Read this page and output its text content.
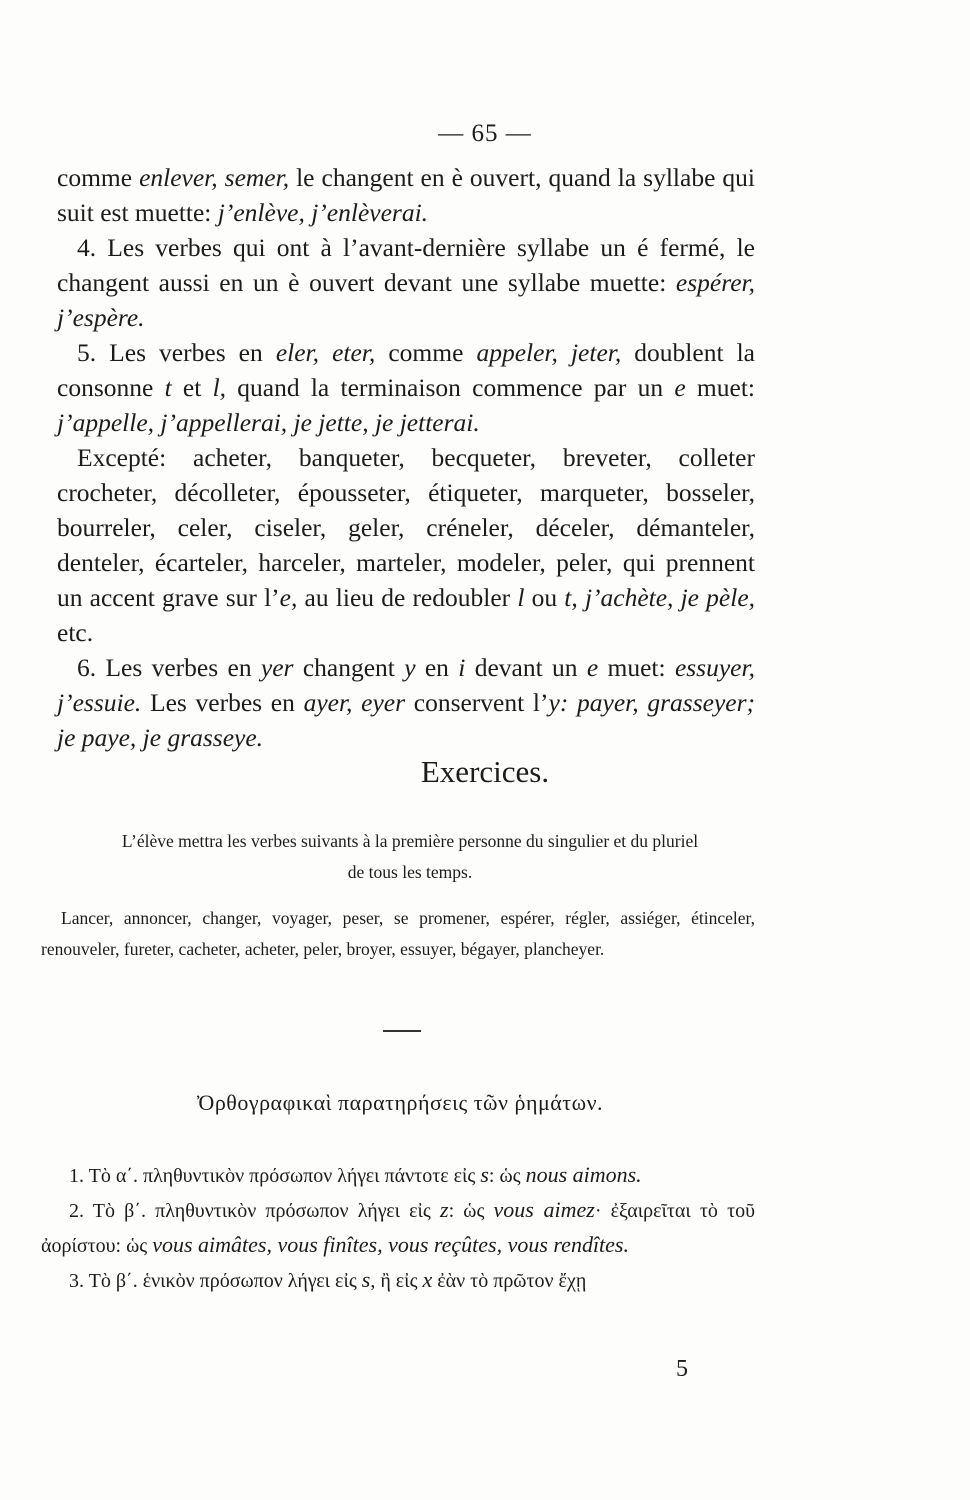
— 65 —

comme enlever, semer, le changent en è ouvert, quand la syllabe qui suit est muette: j’enlève, j’enlèverai.

4. Les verbes qui ont à l’avant-dernière syllabe un é fermé, le changent aussi en un è ouvert devant une syllabe muette: espérer, j’espère.

5. Les verbes en eler, eter, comme appeler, jeter, doublent la consonne t et l, quand la terminaison commence par un e muet: j’appelle, j’appellerai, je jette, je jetterai.

Excepté: acheter, banqueter, becqueter, breveter, colleter crocheter, décolleter, épousseter, étiqueter, marqueter, bosseler, bourreler, celer, ciseler, geler, créneler, déceler, démanteler, denteler, écarteler, harceler, marteler, modeler, peler, qui prennent un accent grave sur l’e, au lieu de redoubler l ou t, j’achète, je pèle, etc.

6. Les verbes en yer changent y en i devant un e muet: essuyer, j’essuie. Les verbes en ayer, eyer conservent l’y: payer, grasseyer; je paye, je grasseye.

Exercices.
L’élève mettra les verbes suivants à la première personne du singulier et du pluriel de tous les temps.

Lancer, annoncer, changer, voyager, peser, se promener, espérer, régler, assiéger, étinceler, renouveler, fureter, cacheter, acheter, peler, broyer, essuyer, bégayer, plancheyer.

Ὀρθογραφικαὶ παρατηρήσεις τῶν ῥημάτων.

1. Τὸ α΄. πληθυντικὸν πρόσωπον λήγει πάντοτε εἰς s: ὡς nous aimons.

2. Τὸ β΄. πληθυντικὸν πρόσωπον λήγει εἰς z: ὡς vous aimez· ἐξαιρεῖται τὸ τοῦ ἀορίστου: ὡς vous aimâtes, vous finîtes, vous reçûtes, vous rendîtes.

3. Τὸ β΄. ἑνικὸν πρόσωπον λήγει εἰς s, ἢ εἰς x ἐὰν τὸ πρῶτον ἔχῃ

5
